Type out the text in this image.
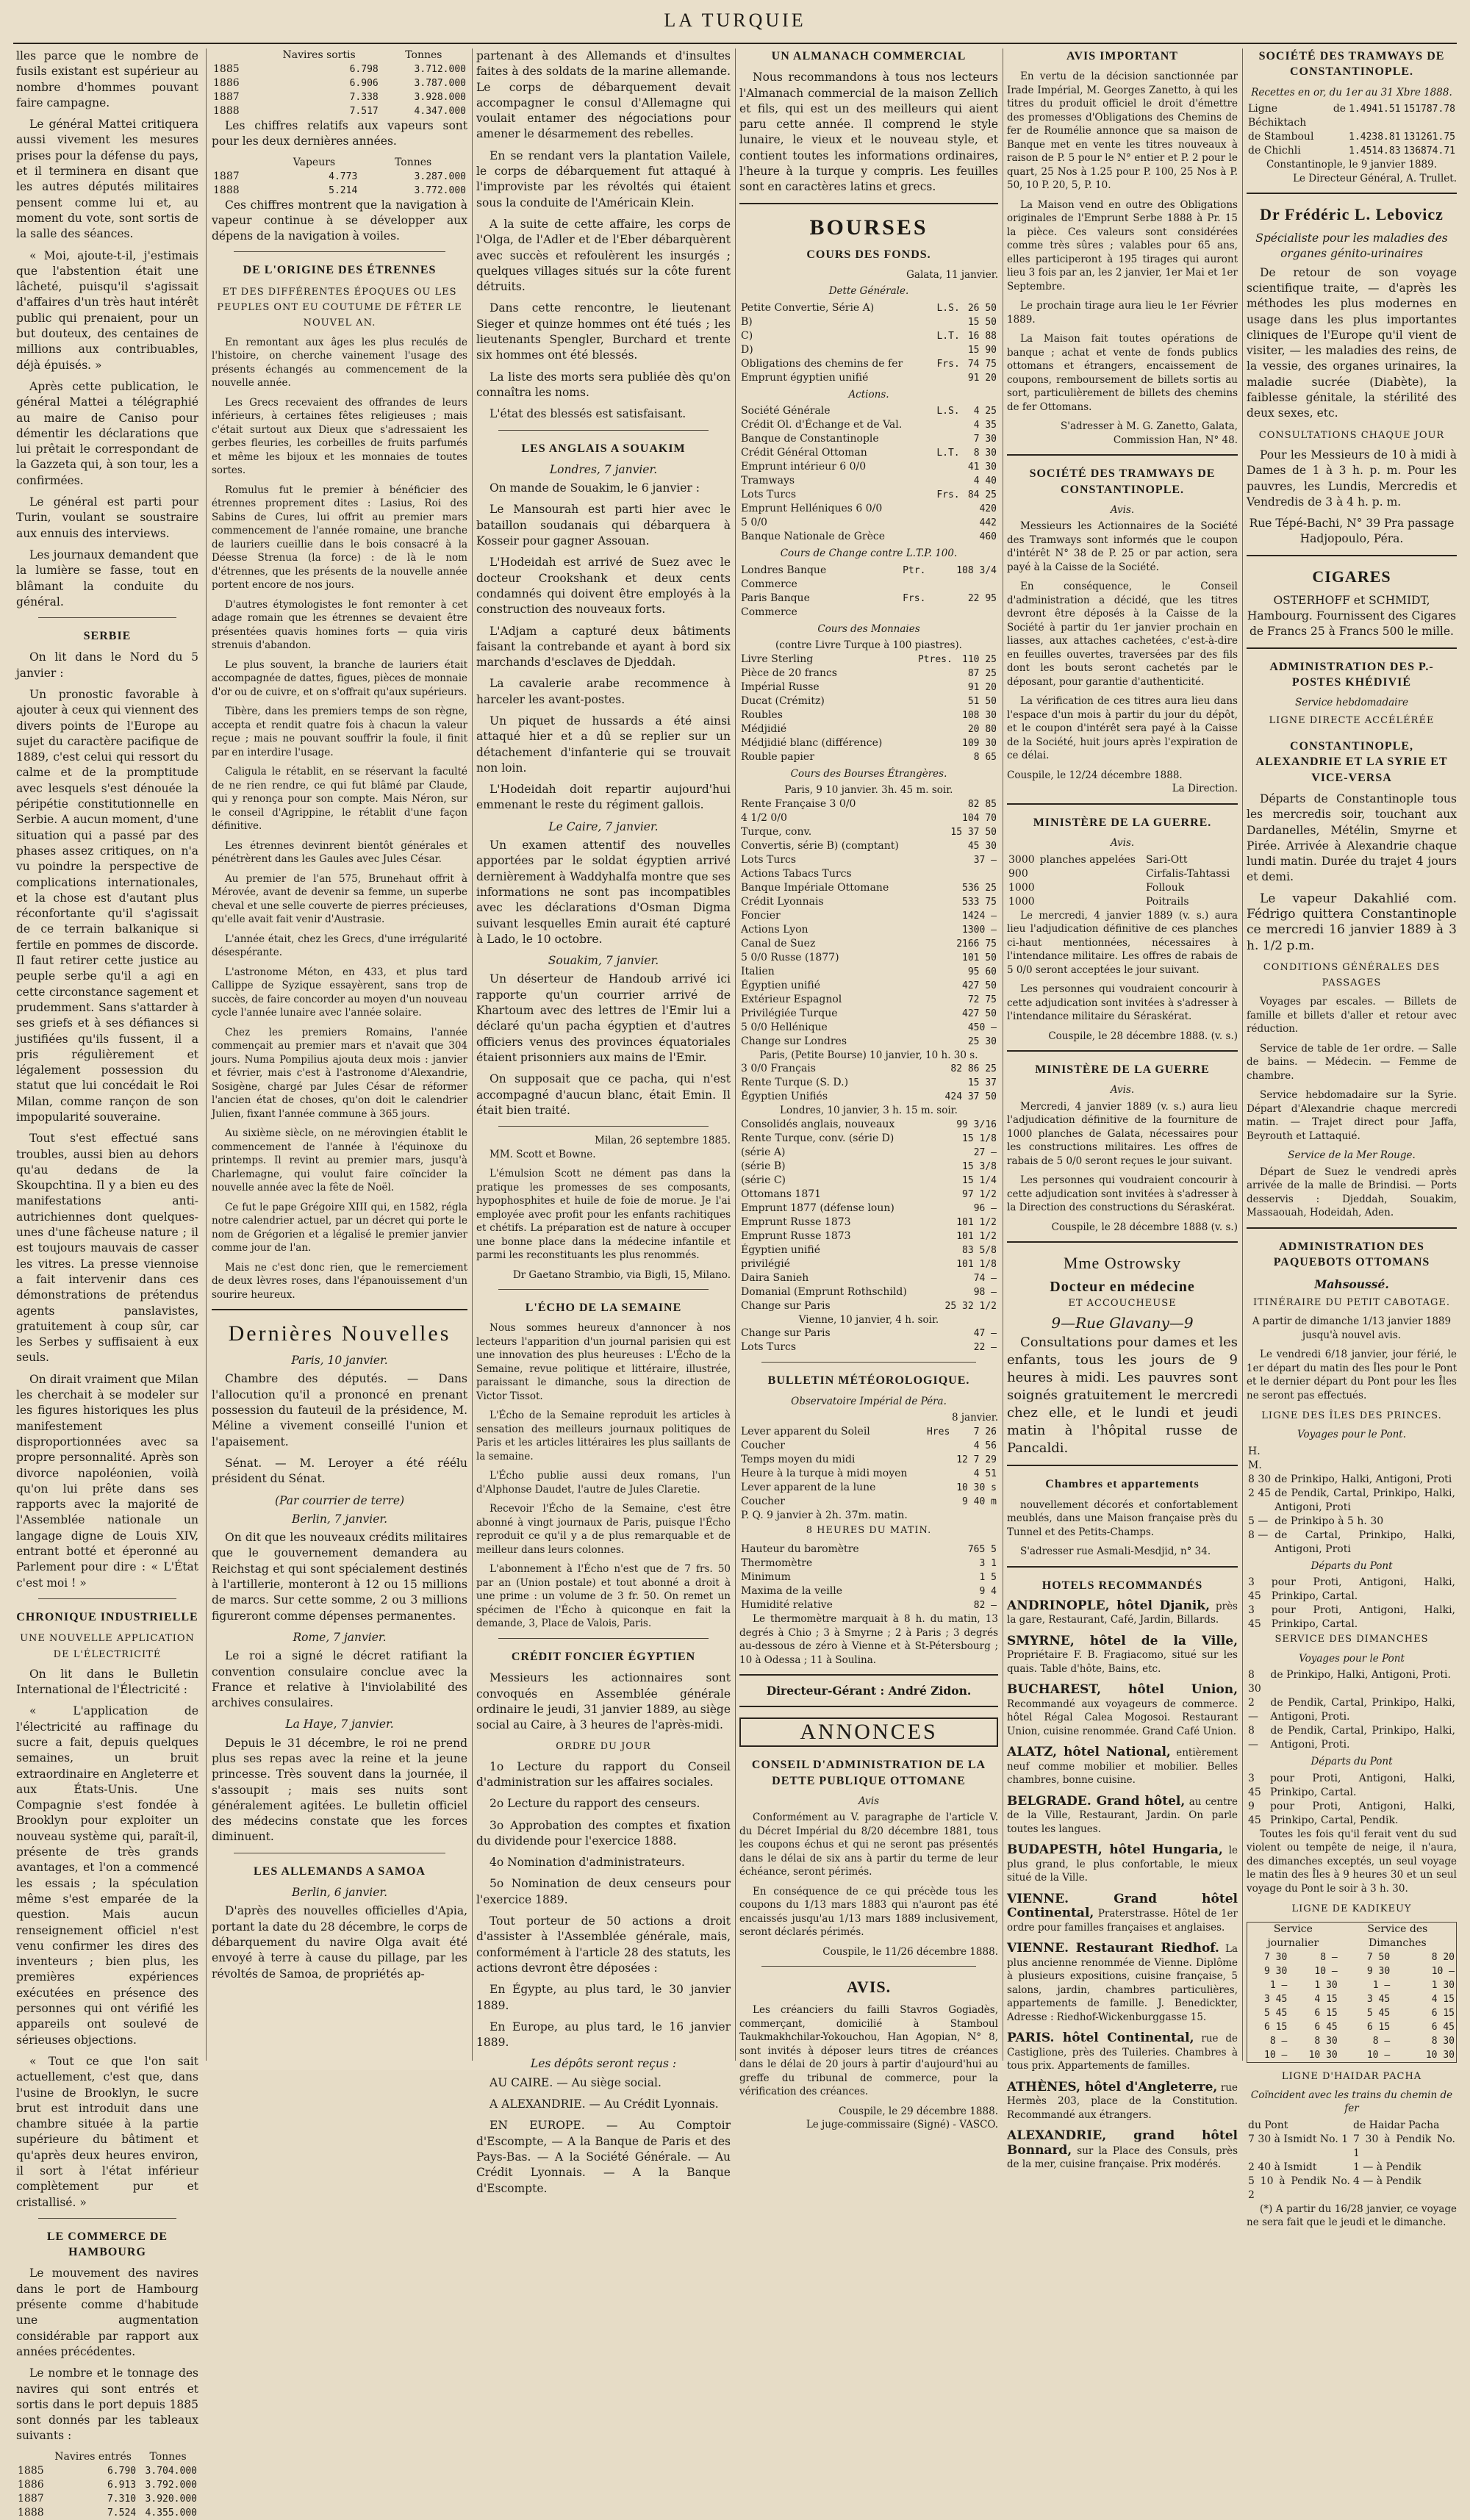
LA TURQUIE

lles parce que le nombre de fusils existant est supérieur au nombre d'hommes pouvant faire campagne.

Le général Mattei critiquera aussi vivement les mesures prises pour la défense du pays, et il terminera en disant que les autres députés militaires pensent comme lui et, au moment du vote, sont sortis de la salle des séances.

« Moi, ajoute-t-il, j'estimais que l'abstention était une lâcheté, puisqu'il s'agissait d'affaires d'un très haut intérêt public qui prenaient, pour un but douteux, des centaines de millions aux contribuables, déjà épuisés. »

Après cette publication, le général Mattei a télégraphié au maire de Caniso pour démentir les déclarations que lui prêtait le correspondant de la Gazzeta qui, à son tour, les a confirmées.

Le général est parti pour Turin, voulant se soustraire aux ennuis des interviews.

Les journaux demandent que la lumière se fasse, tout en blâmant la conduite du général.

SERBIE

On lit dans le Nord du 5 janvier :

Un pronostic favorable à ajouter à ceux qui viennent des divers points de l'Europe au sujet du caractère pacifique de 1889, c'est celui qui ressort du calme et de la promptitude avec lesquels s'est dénouée la péripétie constitutionnelle en Serbie. A aucun moment, d'une situation qui a passé par des phases assez critiques, on n'a vu poindre la perspective de complications internationales, et la chose est d'autant plus réconfortante qu'il s'agissait de ce terrain balkanique si fertile en pommes de discorde. Il faut retirer cette justice au peuple serbe qu'il a agi en cette circonstance sagement et prudemment. Sans s'attarder à ses griefs et à ses défiances si justifiées qu'ils fussent, il a pris régulièrement et légalement possession du statut que lui concédait le Roi Milan, comme rançon de son impopularité souveraine.

Tout s'est effectué sans troubles, aussi bien au dehors qu'au dedans de la Skoupchtina. Il y a bien eu des manifestations anti-autrichiennes dont quelques-unes d'une fâcheuse nature ; il est toujours mauvais de casser les vitres. La presse viennoise a fait intervenir dans ces démonstrations de prétendus agents panslavistes, gratuitement à coup sûr, car les Serbes y suffisaient à eux seuls.

On dirait vraiment que Milan les cherchait à se modeler sur les figures historiques les plus manifestement disproportionnées avec sa propre personnalité. Après son divorce napoléonien, voilà qu'on lui prête dans ses rapports avec la majorité de l'Assemblée nationale un langage digne de Louis XIV, entrant botté et éperonné au Parlement pour dire : « L'État c'est moi ! »

CHRONIQUE INDUSTRIELLE
UNE NOUVELLE APPLICATION DE L'ÉLECTRICITÉ

On lit dans le Bulletin International de l'Électricité :

« L'application de l'électricité au raffinage du sucre a fait, depuis quelques semaines, un bruit extraordinaire en Angleterre et aux États-Unis. Une Compagnie s'est fondée à Brooklyn pour exploiter un nouveau système qui, paraît-il, présente de très grands avantages, et l'on a commencé les essais ; la spéculation même s'est emparée de la question. Mais aucun renseignement officiel n'est venu confirmer les dires des inventeurs ; bien plus, les premières expériences exécutées en présence des personnes qui ont vérifié les appareils ont soulevé de sérieuses objections.

« Tout ce que l'on sait actuellement, c'est que, dans l'usine de Brooklyn, le sucre brut est introduit dans une chambre située à la partie supérieure du bâtiment et qu'après deux heures environ, il sort à l'état inférieur complètement pur et cristallisé. »

LE COMMERCE DE HAMBOURG

Le mouvement des navires dans le port de Hambourg présente comme d'habitude une augmentation considérable par rapport aux années précédentes.

Le nombre et le tonnage des navires qui sont entrés et sortis dans le port depuis 1885 sont donnés par les tableaux suivants :

	Navires entrés	Tonnes
1885	6.790	3.704.000
1886	6.913	3.792.000
1887	7.310	3.920.000
1888	7.524	4.355.000
	Navires sortis	Tonnes
1885	6.798	3.712.000
1886	6.906	3.787.000
1887	7.338	3.928.000
1888	7.517	4.347.000

Les chiffres relatifs aux vapeurs sont pour les deux dernières années.

	Vapeurs	Tonnes
1887	4.773	3.287.000
1888	5.214	3.772.000

Ces chiffres montrent que la navigation à vapeur continue à se développer aux dépens de la navigation à voiles.

DE L'ORIGINE DES ÉTRENNES
ET DES DIFFÉRENTES ÉPOQUES OU LES PEUPLES ONT EU COUTUME DE FÊTER LE NOUVEL AN.

En remontant aux âges les plus reculés de l'histoire, on cherche vainement l'usage des présents échangés au commencement de la nouvelle année.

Les Grecs recevaient des offrandes de leurs inférieurs, à certaines fêtes religieuses ; mais c'était surtout aux Dieux que s'adressaient les gerbes fleuries, les corbeilles de fruits parfumés et même les bijoux et les monnaies de toutes sortes.

Romulus fut le premier à bénéficier des étrennes proprement dites : Lasius, Roi des Sabins de Cures, lui offrit au premier mars commencement de l'année romaine, une branche de lauriers cueillie dans le bois consacré à la Déesse Strenua (la force) : de là le nom d'étrennes, que les présents de la nouvelle année portent encore de nos jours.

D'autres étymologistes le font remonter à cet adage romain que les étrennes se devaient être présentées quavis homines forts — quia viris strenuis d'abandon.

Le plus souvent, la branche de lauriers était accompagnée de dattes, figues, pièces de monnaie d'or ou de cuivre, et on s'offrait qu'aux supérieurs.

Tibère, dans les premiers temps de son règne, accepta et rendit quatre fois à chacun la valeur reçue ; mais ne pouvant souffrir la foule, il finit par en interdire l'usage.

Caligula le rétablit, en se réservant la faculté de ne rien rendre, ce qui fut blâmé par Claude, qui y renonça pour son compte. Mais Néron, sur le conseil d'Agrippine, le rétablit d'une façon définitive.

Les étrennes devinrent bientôt générales et pénétrèrent dans les Gaules avec Jules César.

Au premier de l'an 575, Brunehaut offrit à Mérovée, avant de devenir sa femme, un superbe cheval et une selle couverte de pierres précieuses, qu'elle avait fait venir d'Austrasie.

L'année était, chez les Grecs, d'une irrégularité désespérante.

L'astronome Méton, en 433, et plus tard Callippe de Syzique essayèrent, sans trop de succès, de faire concorder au moyen d'un nouveau cycle l'année lunaire avec l'année solaire.

Chez les premiers Romains, l'année commençait au premier mars et n'avait que 304 jours. Numa Pompilius ajouta deux mois : janvier et février, mais c'est à l'astronome d'Alexandrie, Sosigène, chargé par Jules César de réformer l'ancien état de choses, qu'on doit le calendrier Julien, fixant l'année commune à 365 jours.

Au sixième siècle, on ne mérovingien établit le commencement de l'année à l'équinoxe du printemps. Il revint au premier mars, jusqu'à Charlemagne, qui voulut faire coïncider la nouvelle année avec la fête de Noël.

Ce fut le pape Grégoire XIII qui, en 1582, régla notre calendrier actuel, par un décret qui porte le nom de Grégorien et a légalisé le premier janvier comme jour de l'an.

Mais ne c'est donc rien, que le remerciement de deux lèvres roses, dans l'épanouissement d'un sourire heureux.

Dernières Nouvelles
Paris, 10 janvier.

Chambre des députés. — Dans l'allocution qu'il a prononcé en prenant possession du fauteuil de la présidence, M. Méline a vivement conseillé l'union et l'apaisement.

Sénat. — M. Leroyer a été réélu président du Sénat.

(Par courrier de terre)
Berlin, 7 janvier.

On dit que les nouveaux crédits militaires que le gouvernement demandera au Reichstag et qui sont spécialement destinés à l'artillerie, monteront à 12 ou 15 millions de marcs. Sur cette somme, 2 ou 3 millions figureront comme dépenses permanentes.

Rome, 7 janvier.

Le roi a signé le décret ratifiant la convention consulaire conclue avec la France et relative à l'inviolabilité des archives consulaires.

La Haye, 7 janvier.

Depuis le 31 décembre, le roi ne prend plus ses repas avec la reine et la jeune princesse. Très souvent dans la journée, il s'assoupit ; mais ses nuits sont généralement agitées. Le bulletin officiel des médecins constate que les forces diminuent.

LES ALLEMANDS A SAMOA
Berlin, 6 janvier.

D'après des nouvelles officielles d'Apia, portant la date du 28 décembre, le corps de débarquement du navire Olga avait été envoyé à terre à cause du pillage, par les révoltés de Samoa, de propriétés ap-

partenant à des Allemands et d'insultes faites à des soldats de la marine allemande. Le corps de débarquement devait accompagner le consul d'Allemagne qui voulait entamer des négociations pour amener le désarmement des rebelles.

En se rendant vers la plantation Vailele, le corps de débarquement fut attaqué à l'improviste par les révoltés qui étaient sous la conduite de l'Américain Klein.

A la suite de cette affaire, les corps de l'Olga, de l'Adler et de l'Eber débarquèrent avec succès et refoulèrent les insurgés ; quelques villages situés sur la côte furent détruits.

Dans cette rencontre, le lieutenant Sieger et quinze hommes ont été tués ; les lieutenants Spengler, Burchard et trente six hommes ont été blessés.

La liste des morts sera publiée dès qu'on connaîtra les noms.

L'état des blessés est satisfaisant.

LES ANGLAIS A SOUAKIM
Londres, 7 janvier.

On mande de Souakim, le 6 janvier :

Le Mansourah est parti hier avec le bataillon soudanais qui débarquera à Kosseir pour gagner Assouan.

L'Hodeidah est arrivé de Suez avec le docteur Crookshank et deux cents condamnés qui doivent être employés à la construction des nouveaux forts.

L'Adjam a capturé deux bâtiments faisant la contrebande et ayant à bord six marchands d'esclaves de Djeddah.

La cavalerie arabe recommence à harceler les avant-postes.

Un piquet de hussards a été ainsi attaqué hier et a dû se replier sur un détachement d'infanterie qui se trouvait non loin.

L'Hodeidah doit repartir aujourd'hui emmenant le reste du régiment gallois.

Le Caire, 7 janvier.

Un examen attentif des nouvelles apportées par le soldat égyptien arrivé dernièrement à Waddyhalfa montre que ses informations ne sont pas incompatibles avec les déclarations d'Osman Digma suivant lesquelles Emin aurait été capturé à Lado, le 10 octobre.

Souakim, 7 janvier.

Un déserteur de Handoub arrivé ici rapporte qu'un courrier arrivé de Khartoum avec des lettres de l'Emir lui a déclaré qu'un pacha égyptien et d'autres officiers venus des provinces équatoriales étaient prisonniers aux mains de l'Emir.

On supposait que ce pacha, qui n'est accompagné d'aucun blanc, était Emin. Il était bien traité.

Milan, 26 septembre 1885.

MM. Scott et Bowne.

L'émulsion Scott ne dément pas dans la pratique les promesses de ses composants, hypophosphites et huile de foie de morue. Je l'ai employée avec profit pour les enfants rachitiques et chétifs. La préparation est de nature à occuper une bonne place dans la médecine infantile et parmi les reconstituants les plus renommés.

Dr Gaetano Strambio, via Bigli, 15, Milano.
L'ÉCHO DE LA SEMAINE

Nous sommes heureux d'annoncer à nos lecteurs l'apparition d'un journal parisien qui est une innovation des plus heureuses : L'Écho de la Semaine, revue politique et littéraire, illustrée, paraissant le dimanche, sous la direction de Victor Tissot.

L'Écho de la Semaine reproduit les articles à sensation des meilleurs journaux politiques de Paris et les articles littéraires les plus saillants de la semaine.

L'Écho publie aussi deux romans, l'un d'Alphonse Daudet, l'autre de Jules Claretie.

Recevoir l'Écho de la Semaine, c'est être abonné à vingt journaux de Paris, puisque l'Écho reproduit ce qu'il y a de plus remarquable et de meilleur dans leurs colonnes.

L'abonnement à l'Écho n'est que de 7 frs. 50 par an (Union postale) et tout abonné a droit à une prime : un volume de 3 fr. 50. On remet un spécimen de l'Écho à quiconque en fait la demande, 3, Place de Valois, Paris.

CRÉDIT FONCIER ÉGYPTIEN

Messieurs les actionnaires sont convoqués en Assemblée générale ordinaire le jeudi, 31 janvier 1889, au siège social au Caire, à 3 heures de l'après-midi.

ORDRE DU JOUR

1o Lecture du rapport du Conseil d'administration sur les affaires sociales.

2o Lecture du rapport des censeurs.

3o Approbation des comptes et fixation du dividende pour l'exercice 1888.

4o Nomination d'administrateurs.

5o Nomination de deux censeurs pour l'exercice 1889.

Tout porteur de 50 actions a droit d'assister à l'Assemblée générale, mais, conformément à l'article 28 des statuts, les actions devront être déposées :

En Égypte, au plus tard, le 30 janvier 1889.

En Europe, au plus tard, le 16 janvier 1889.

Les dépôts seront reçus :

AU CAIRE. — Au siège social.

A ALEXANDRIE. — Au Crédit Lyonnais.

EN EUROPE. — Au Comptoir d'Escompte, — A la Banque de Paris et des Pays-Bas. — A la Société Générale. — Au Crédit Lyonnais. — A la Banque d'Escompte.

UN ALMANACH COMMERCIAL

Nous recommandons à tous nos lecteurs l'Almanach commercial de la maison Zellich et fils, qui est un des meilleurs qui aient paru cette année. Il comprend le style lunaire, le vieux et le nouveau style, et contient toutes les informations ordinaires, l'heure à la turque y compris. Les feuilles sont en caractères latins et grecs.

BOURSES
COURS DES FONDS.
Galata, 11 janvier.
Dette Générale.
Petite Convertie, Série A)	L.S.	26 50
B)		15 50
C)	L.T.	16 88
D)		15 90
Obligations des chemins de fer	Frs.	74 75
Emprunt égyptien unifié		91 20
Actions.
Société Générale	L.S.	4 25
Crédit Ol. d'Échange et de Val.		4 35
Banque de Constantinople		7 30
Crédit Général Ottoman	L.T.	8 30
Emprunt intérieur 6 0/0		41 30
Tramways		4 40
Lots Turcs	Frs.	84 25
Emprunt Helléniques 6 0/0		420
5 0/0		442
Banque Nationale de Grèce		460
Cours de Change contre L.T.P. 100.
Londres Banque	Ptr.	108 3/4
Commerce		
Paris Banque	Frs.	22 95
Commerce		
Cours des Monnaies
(contre Livre Turque à 100 piastres).
Livre Sterling	Ptres.	110 25
Pièce de 20 francs		87 25
Impérial Russe		91 20
Ducat (Crémitz)		51 50
Roubles		108 30
Médjidié		20 80
Médjidié blanc (différence)		109 30
Rouble papier		8 65
Cours des Bourses Étrangères.
Paris, 9 10 janvier. 3h. 45 m. soir.
Rente Française 3 0/0		82 85
4 1/2 0/0		104 70
Turque, conv.		15 37 50
Convertis, série B) (comptant)		45 30
Lots Turcs		37 —
Actions Tabacs Turcs		
Banque Impériale Ottomane		536 25
Crédit Lyonnais		533 75
Foncier		1424 —
Actions Lyon		1300 —
Canal de Suez		2166 75
5 0/0 Russe (1877)		101 50
Italien		95 60
Égyptien unifié		427 50
Extérieur Espagnol		72 75
Privilégiée Turque		427 50
5 0/0 Hellénique		450 —
Change sur Londres		25 30
Paris, (Petite Bourse) 10 janvier, 10 h. 30 s.
3 0/0 Français		82 86 25
Rente Turque (S. D.)		15 37
Égyptien Unifiés		424 37 50
Londres, 10 janvier, 3 h. 15 m. soir.
Consolidés anglais, nouveaux		99 3/16
Rente Turque, conv. (série D)		15 1/8
(série A)		27 —
(série B)		15 3/8
(série C)		15 1/4
Ottomans 1871		97 1/2
Emprunt 1877 (défense loun)		96 —
Emprunt Russe 1873		101 1/2
Emprunt Russe 1873		101 1/2
Égyptien unifié		83 5/8
privilégié		101 1/8
Daira Sanieh		74 —
Domanial (Emprunt Rothschild)		98 —
Change sur Paris		25 32 1/2
Vienne, 10 janvier, 4 h. soir.
Change sur Paris		47 —
Lots Turcs		22 —
BULLETIN MÉTÉOROLOGIQUE.
Observatoire Impérial de Péra.
8 janvier.
Lever apparent du Soleil	Hres	7 26
Coucher		4 56
Temps moyen du midi		12 7 29
Heure à la turque à midi moyen		4 51
Lever apparent de la lune		10 30 s
Coucher		9 40 m
P. Q. 9 janvier à 2h. 37m. matin.		
8 HEURES DU MATIN.
Hauteur du baromètre		765 5
Thermomètre		3 1
Minimum		1 5
Maxima de la veille		9 4
Humidité relative		82 —

Le thermomètre marquait à 8 h. du matin, 13 degrés à Chio ; 3 à Smyrne ; 2 à Paris ; 3 degrés au-dessous de zéro à Vienne et à St-Pétersbourg ; 10 à Odessa ; 11 à Soulina.

Directeur-Gérant : André Zidon.
ANNONCES
CONSEIL D'ADMINISTRATION DE LA DETTE PUBLIQUE OTTOMANE
Avis

Conformément au V. paragraphe de l'article V. du Décret Impérial du 8/20 décembre 1881, tous les coupons échus et qui ne seront pas présentés dans le délai de six ans à partir du terme de leur échéance, seront périmés.

En conséquence de ce qui précède tous les coupons du 1/13 mars 1883 qui n'auront pas été encaissés jusqu'au 1/13 mars 1889 inclusivement, seront déclarés périmés.

Couspile, le 11/26 décembre 1888.
AVIS.

Les créanciers du failli Stavros Gogiadès, commerçant, domicilié à Stamboul Taukmakhchilar-Yokouchou, Han Agopian, N° 8, sont invités à déposer leurs titres de créances dans le délai de 20 jours à partir d'aujourd'hui au greffe du tribunal de commerce, pour la vérification des créances.

Couspile, le 29 décembre 1888.
Le juge-commissaire (Signé) - VASCO.
AVIS IMPORTANT

En vertu de la décision sanctionnée par Irade Impérial, M. Georges Zanetto, à qui les titres du produit officiel le droit d'émettre des promesses d'Obligations des Chemins de fer de Roumélie annonce que sa maison de Banque met en vente les titres nouveaux à raison de P. 5 pour le N° entier et P. 2 pour le quart, 25 Nos à 1.25 pour P. 100, 25 Nos à P. 50, 10 P. 20, 5, P. 10.

La Maison vend en outre des Obligations originales de l'Emprunt Serbe 1888 à Pr. 15 la pièce. Ces valeurs sont considérées comme très sûres ; valables pour 65 ans, elles participeront à 195 tirages qui auront lieu 3 fois par an, les 2 janvier, 1er Mai et 1er Septembre.

Le prochain tirage aura lieu le 1er Février 1889.

La Maison fait toutes opérations de banque ; achat et vente de fonds publics ottomans et étrangers, encaissement de coupons, remboursement de billets sortis au sort, particulièrement de billets des chemins de fer Ottomans.

S'adresser à M. G. Zanetto, Galata, Commission Han, N° 48.
SOCIÉTÉ DES TRAMWAYS DE CONSTANTINOPLE.
Avis.

Messieurs les Actionnaires de la Société des Tramways sont informés que le coupon d'intérêt N° 38 de P. 25 or par action, sera payé à la Caisse de la Société.

En conséquence, le Conseil d'administration a décidé, que les titres devront être déposés à la Caisse de la Société à partir du 1er janvier prochain en liasses, aux attaches cachetées, c'est-à-dire en feuilles ouvertes, traversées par des fils dont les bouts seront cachetés par le déposant, pour garantie d'authenticité.

La vérification de ces titres aura lieu dans l'espace d'un mois à partir du jour du dépôt, et le coupon d'intérêt sera payé à la Caisse de la Société, huit jours après l'expiration de ce délai.

Couspile, le 12/24 décembre 1888.
La Direction.
MINISTÈRE DE LA GUERRE.
Avis.
3000	planches appelées	Sari-Ott
900		Cirfalis-Tahtassi
1000		Follouk
1000		Poitrails

Le mercredi, 4 janvier 1889 (v. s.) aura lieu l'adjudication définitive de ces planches ci-haut mentionnées, nécessaires à l'intendance militaire. Les offres de rabais de 5 0/0 seront acceptées le jour suivant.

Les personnes qui voudraient concourir à cette adjudication sont invitées à s'adresser à l'intendance militaire du Séraskérat.

Couspile, le 28 décembre 1888. (v. s.)
MINISTÈRE DE LA GUERRE
Avis.

Mercredi, 4 janvier 1889 (v. s.) aura lieu l'adjudication définitive de la fourniture de 1000 planches de Galata, nécessaires pour les constructions militaires. Les offres de rabais de 5 0/0 seront reçues le jour suivant.

Les personnes qui voudraient concourir à cette adjudication sont invitées à s'adresser à la Direction des constructions du Séraskérat.

Couspile, le 28 décembre 1888 (v. s.)
Mme Ostrowsky
Docteur en médecine
ET ACCOUCHEUSE
9—Rue Glavany—9

Consultations pour dames et les enfants, tous les jours de 9 heures à midi. Les pauvres sont soignés gratuitement le mercredi chez elle, et le lundi et jeudi matin à l'hôpital russe de Pancaldi.

Chambres et appartements

nouvellement décorés et confortablement meublés, dans une Maison française près du Tunnel et des Petits-Champs.

S'adresser rue Asmali-Mesdjid, n° 34.

HOTELS RECOMMANDÉS

ANDRINOPLE, hôtel Djanik, près la gare, Restaurant, Café, Jardin, Billards.

SMYRNE, hôtel de la Ville, Propriétaire F. B. Fragiacomo, situé sur les quais. Table d'hôte, Bains, etc.

BUCHAREST, hôtel Union, Recommandé aux voyageurs de commerce. hôtel Régal Calea Mogosoi. Restaurant Union, cuisine renommée. Grand Café Union.

ALATZ, hôtel National, entièrement neuf comme mobilier et mobilier. Belles chambres, bonne cuisine.

BELGRADE. Grand hôtel, au centre de la Ville, Restaurant, Jardin. On parle toutes les langues.

BUDAPESTH, hôtel Hungaria, le plus grand, le plus confortable, le mieux situé de la Ville.

VIENNE. Grand hôtel Continental, Praterstrasse. Hôtel de 1er ordre pour familles françaises et anglaises.

VIENNE. Restaurant Riedhof. La plus ancienne renommée de Vienne. Diplôme à plusieurs expositions, cuisine française, 5 salons, jardin, chambres particulières, appartements de famille. J. Benedickter, Adresse : Riedhof-Wickenburggasse 15.

PARIS. hôtel Continental, rue de Castiglione, près des Tuileries. Chambres à tous prix. Appartements de familles.

ATHÈNES, hôtel d'Angleterre, rue Hermès 203, place de la Constitution. Recommandé aux étrangers.

ALEXANDRIE, grand hôtel Bonnard, sur la Place des Consuls, près de la mer, cuisine française. Prix modérés.

SOCIÉTÉ DES TRAMWAYS DE CONSTANTINOPLE.
Recettes en or, du 1er au 31 Xbre 1888.
Ligne de Béchiktach	1.4941.51	151787.78
de Stamboul	1.4238.81	131261.75
de Chichli	1.4514.83	136874.71
Constantinople, le 9 janvier 1889.
Le Directeur Général, A. Trullet.
Dr Frédéric L. Lebovicz
Spécialiste pour les maladies des organes génito-urinaires

De retour de son voyage scientifique traite, — d'après les méthodes les plus modernes en usage dans les plus importantes cliniques de l'Europe qu'il vient de visiter, — les maladies des reins, de la vessie, des organes urinaires, la maladie sucrée (Diabète), la faiblesse génitale, la stérilité des deux sexes, etc.

CONSULTATIONS CHAQUE JOUR

Pour les Messieurs de 10 à midi à Dames de 1 à 3 h. p. m. Pour les pauvres, les Lundis, Mercredis et Vendredis de 3 à 4 h. p. m.

Rue Tépé-Bachi, N° 39 Pra passage Hadjopoulo, Péra.

CIGARES

OSTERHOFF et SCHMIDT, Hambourg. Fournissent des Cigares de Francs 25 à Francs 500 le mille.

ADMINISTRATION DES P.-POSTES KHÉDIVIÉ
Service hebdomadaire
LIGNE DIRECTE ACCÉLÉRÉE
CONSTANTINOPLE, ALEXANDRIE ET LA SYRIE ET VICE-VERSA

Départs de Constantinople tous les mercredis soir, touchant aux Dardanelles, Métélin, Smyrne et Pirée. Arrivée à Alexandrie chaque lundi matin. Durée du trajet 4 jours et demi.

Le vapeur Dakahlié com. Fédrigo quittera Constantinople ce mercredi 16 janvier 1889 à 3 h. 1/2 p.m.

CONDITIONS GÉNÉRALES DES PASSAGES

Voyages par escales. — Billets de famille et billets d'aller et retour avec réduction.

Service de table de 1er ordre. — Salle de bains. — Médecin. — Femme de chambre.

Service hebdomadaire sur la Syrie. Départ d'Alexandrie chaque mercredi matin. — Trajet direct pour Jaffa, Beyrouth et Lattaquié.

Service de la Mer Rouge.

Départ de Suez le vendredi après arrivée de la malle de Brindisi. — Ports desservis : Djeddah, Souakim, Massaouah, Hodeidah, Aden.

ADMINISTRATION DES PAQUEBOTS OTTOMANS
Mahsoussé.
ITINÉRAIRE DU PETIT CABOTAGE.

A partir de dimanche 1/13 janvier 1889 jusqu'à nouvel avis.

Le vendredi 6/18 janvier, jour férié, le 1er départ du matin des Îles pour le Pont et le dernier départ du Pont pour les Îles ne seront pas effectués.

LIGNE DES ÎLES DES PRINCES.
Voyages pour le Pont.
H. M.	
8 30	de Prinkipo, Halki, Antigoni, Proti
2 45	de Pendik, Cartal, Prinkipo, Halki, Antigoni, Proti
5 —	de Prinkipo à 5 h. 30
8 —	de Cartal, Prinkipo, Halki, Antigoni, Proti
Départs du Pont
3 45	pour Proti, Antigoni, Halki, Prinkipo, Cartal.
3 45	pour Proti, Antigoni, Halki, Prinkipo, Cartal.
SERVICE DES DIMANCHES
Voyages pour le Pont
8 30	de Prinkipo, Halki, Antigoni, Proti.
2 —	de Pendik, Cartal, Prinkipo, Halki, Antigoni, Proti.
8 —	de Pendik, Cartal, Prinkipo, Halki, Antigoni, Proti.
Départs du Pont
3 45	pour Proti, Antigoni, Halki, Prinkipo, Cartal.
9 45	pour Proti, Antigoni, Halki, Prinkipo, Cartal, Pendik.

Toutes les fois qu'il ferait vent du sud violent ou tempête de neige, il n'aura, des dimanches exceptés, un seul voyage le matin des Îles à 9 heures 30 et un seul voyage du Pont le soir à 3 h. 30.

LIGNE DE KADIKEUY
Service journalier		Service des Dimanches	
7 30	8 —	7 50	8 20
9 30	10 —	9 30	10 —
1 —	1 30	1 —	1 30
3 45	4 15	3 45	4 15
5 45	6 15	5 45	6 15
6 15	6 45	6 15	6 45
8 —	8 30	8 —	8 30
10 —	10 30	10 —	10 30
LIGNE D'HAIDAR PACHA
Coïncident avec les trains du chemin de fer
du Pont	de Haidar Pacha
7 30 à Ismidt No. 1	7 30 à Pendik No. 1
2 40 à Ismidt	1 — à Pendik
5 10 à Pendik No. 2	4 — à Pendik

(*) A partir du 16/28 janvier, ce voyage ne sera fait que le jeudi et le dimanche.
